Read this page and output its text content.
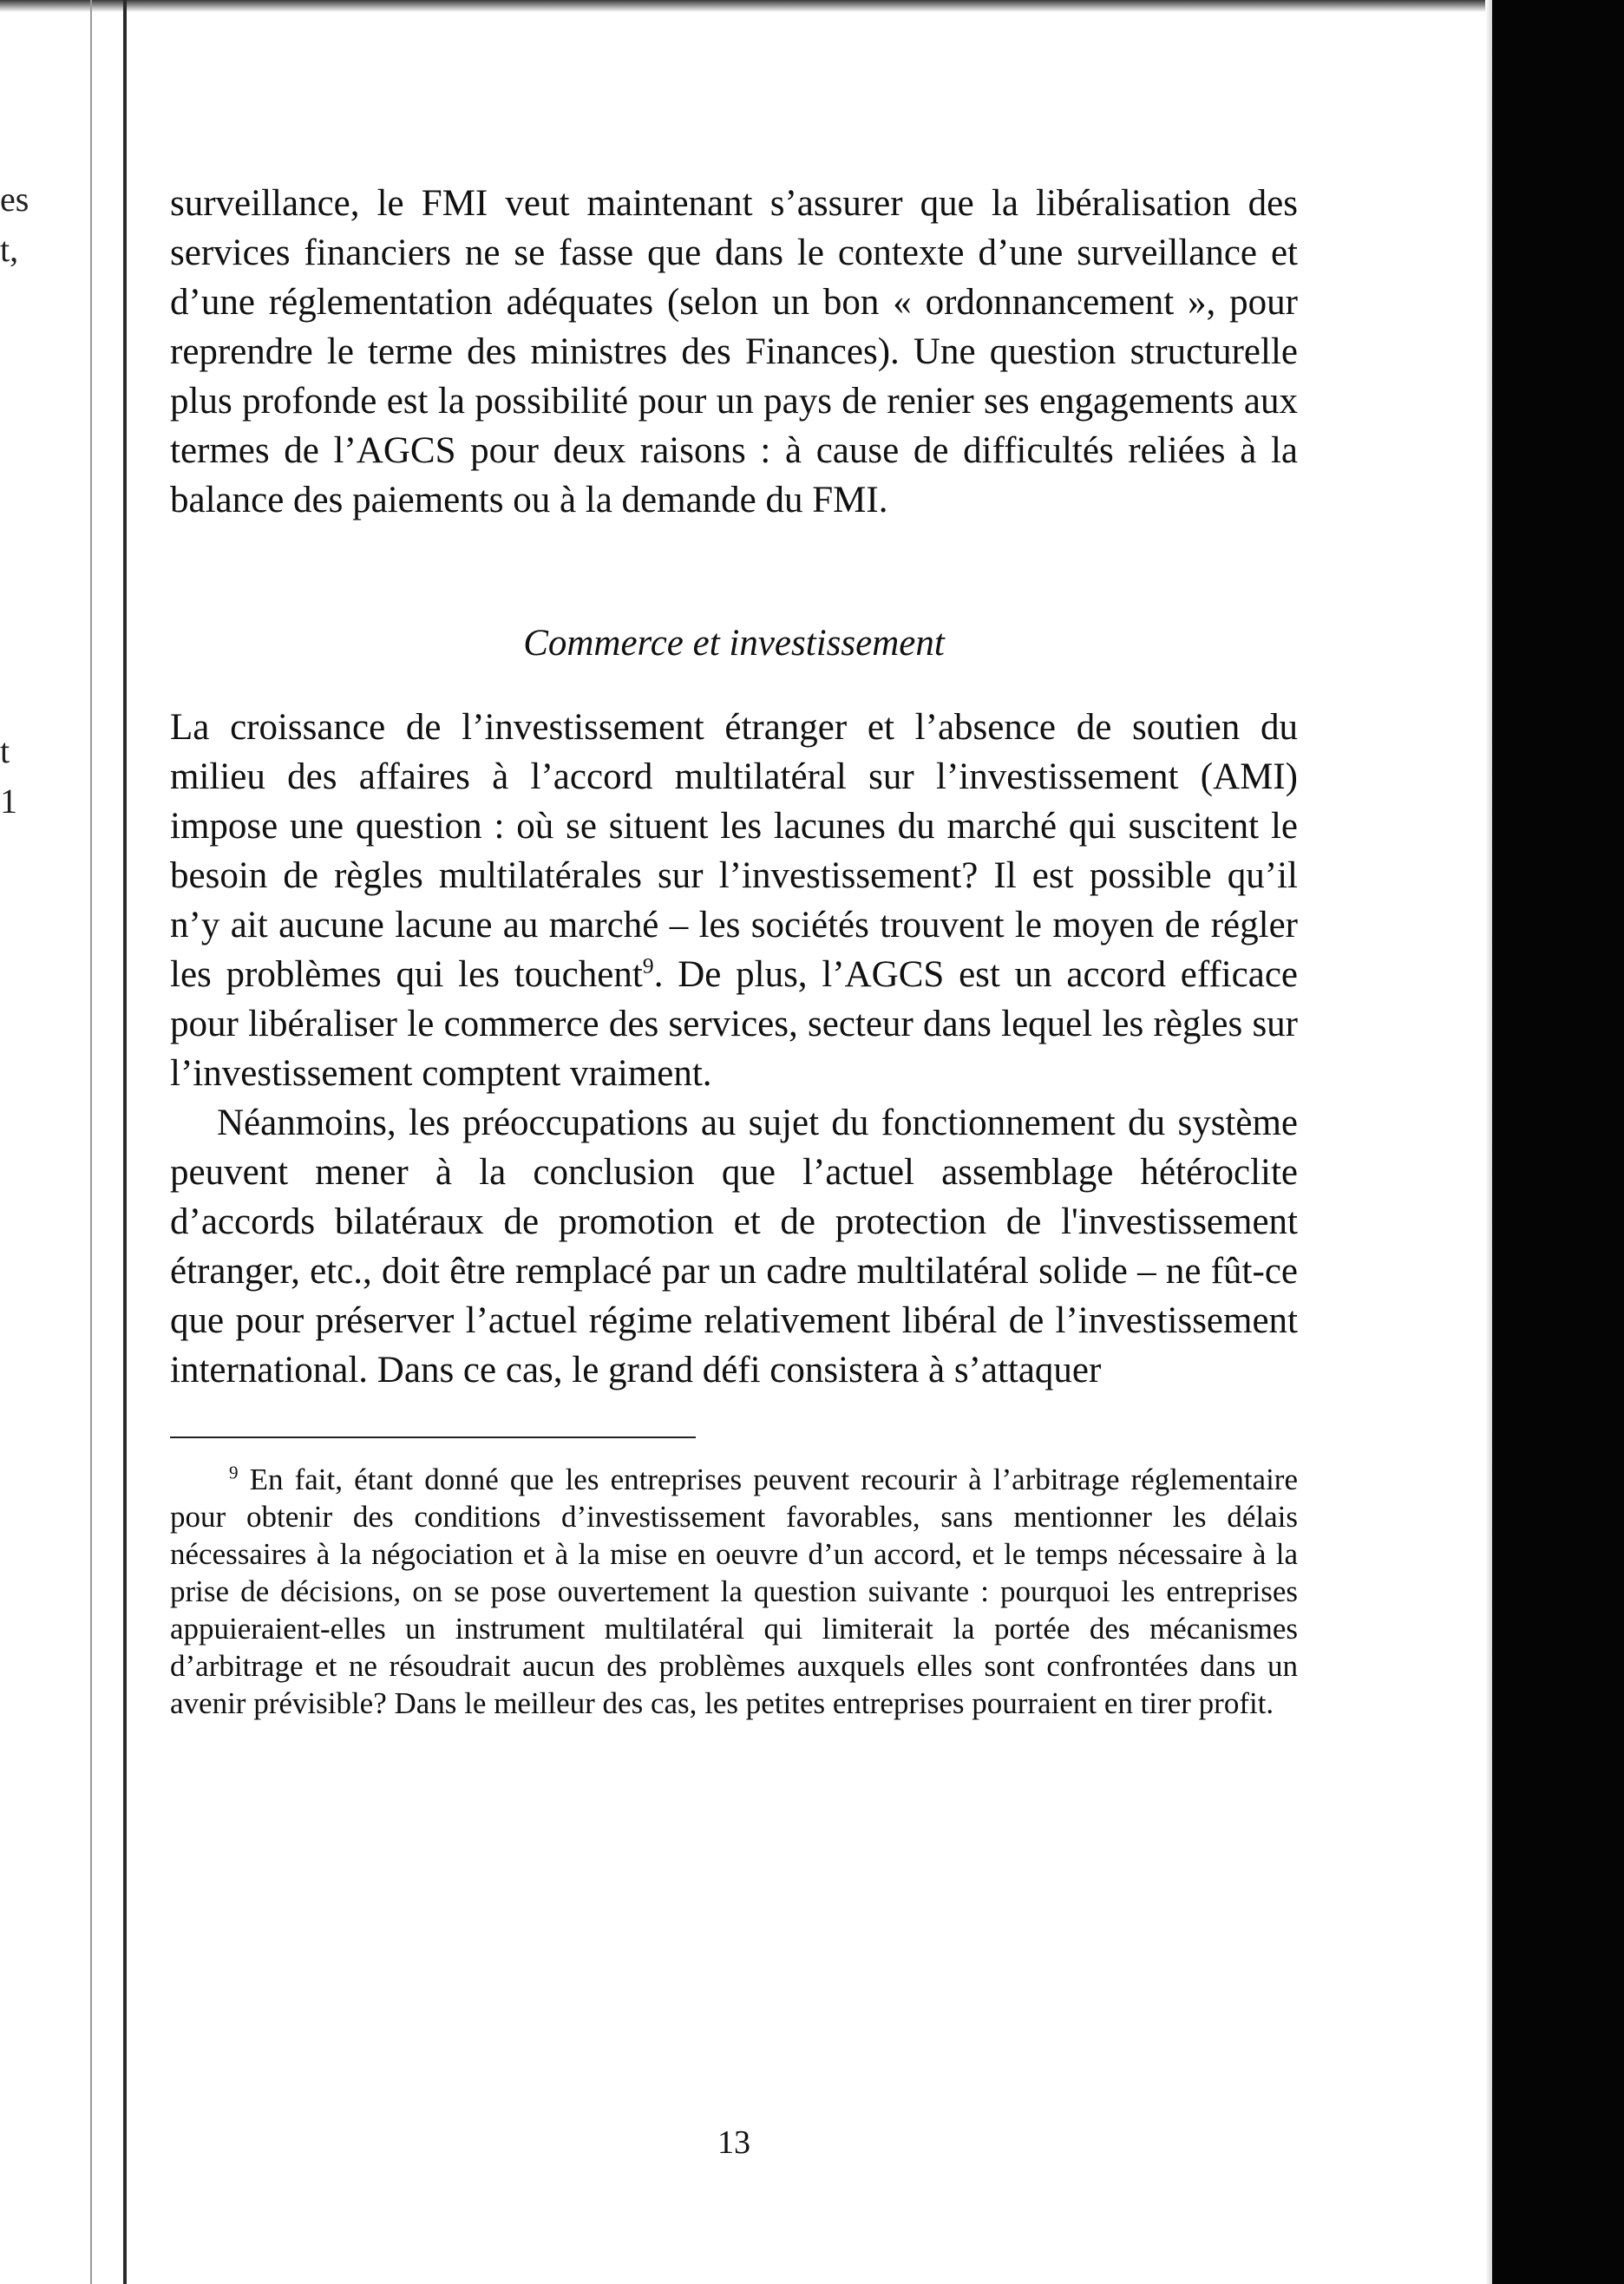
es
t,
t
1

surveillance, le FMI veut maintenant s’assurer que la libéralisation des services financiers ne se fasse que dans le contexte d’une surveillance et d’une réglementation adéquates (selon un bon « ordonnancement », pour reprendre le terme des ministres des Finances). Une question structurelle plus profonde est la possibilité pour un pays de renier ses engagements aux termes de l’AGCS pour deux raisons : à cause de difficultés reliées à la balance des paiements ou à la demande du FMI.

Commerce et investissement

La croissance de l’investissement étranger et l’absence de soutien du milieu des affaires à l’accord multilatéral sur l’investissement (AMI) impose une question : où se situent les lacunes du marché qui suscitent le besoin de règles multilatérales sur l’investissement? Il est possible qu’il n’y ait aucune lacune au marché – les sociétés trouvent le moyen de régler les problèmes qui les touchent$^9$. De plus, l’AGCS est un accord efficace pour libéraliser le commerce des services, secteur dans lequel les règles sur l’investissement comptent vraiment.

Néanmoins, les préoccupations au sujet du fonctionnement du système peuvent mener à la conclusion que l’actuel assemblage hétéroclite d’accords bilatéraux de promotion et de protection de l'investissement étranger, etc., doit être remplacé par un cadre multilatéral solide – ne fût-ce que pour préserver l’actuel régime relativement libéral de l’investissement international. Dans ce cas, le grand défi consistera à s’attaquer

$^9$ En fait, étant donné que les entreprises peuvent recourir à l’arbitrage réglementaire pour obtenir des conditions d’investissement favorables, sans mentionner les délais nécessaires à la négociation et à la mise en oeuvre d’un accord, et le temps nécessaire à la prise de décisions, on se pose ouvertement la question suivante : pourquoi les entreprises appuieraient-elles un instrument multilatéral qui limiterait la portée des mécanismes d’arbitrage et ne résoudrait aucun des problèmes auxquels elles sont confrontées dans un avenir prévisible? Dans le meilleur des cas, les petites entreprises pourraient en tirer profit.

13
